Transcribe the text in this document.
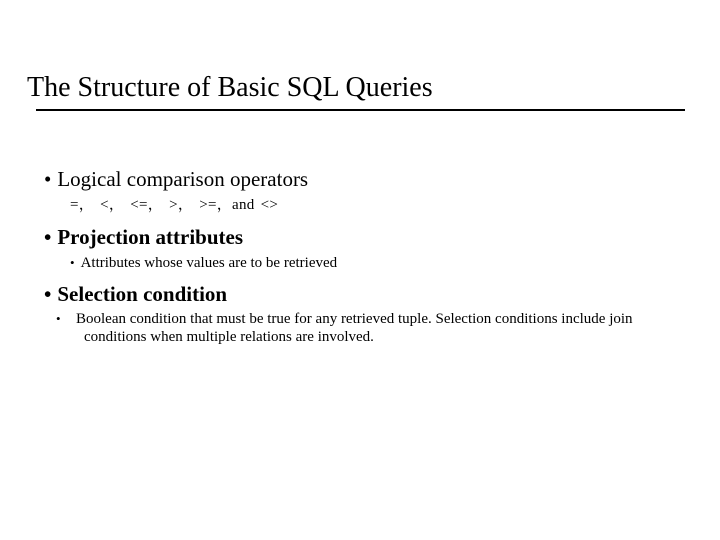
The Structure of Basic SQL Queries
• Logical comparison operators
=， <， <=， >， >=，and <>
• Projection attributes
• Attributes whose values are to be retrieved
• Selection condition
• Boolean condition that must be true for any retrieved tuple. Selection conditions include join conditions when multiple relations are involved.
